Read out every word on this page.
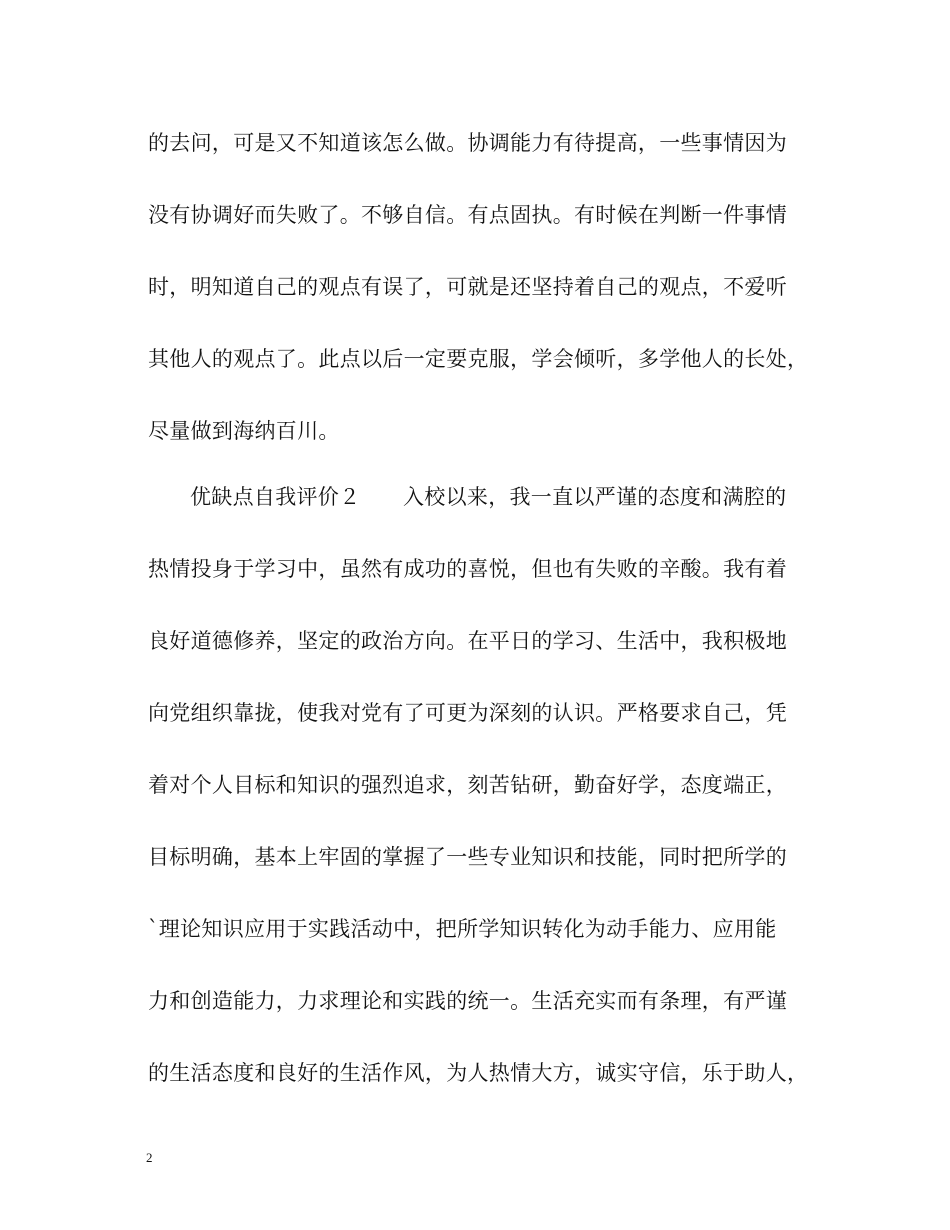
的去问，可是又不知道该怎么做。协调能力有待提高，一些事情因为
没有协调好而失败了。不够自信。有点固执。有时候在判断一件事情
时，明知道自己的观点有误了，可就是还坚持着自己的观点，不爱听
其他人的观点了。此点以后一定要克服，学会倾听，多学他人的长处，
尽量做到海纳百川。
优缺点自我评价２　　入校以来，我一直以严谨的态度和满腔的
热情投身于学习中，虽然有成功的喜悦，但也有失败的辛酸。我有着
良好道德修养，坚定的政治方向。在平日的学习、生活中，我积极地
向党组织靠拢，使我对党有了可更为深刻的认识。严格要求自己，凭
着对个人目标和知识的强烈追求，刻苦钻研，勤奋好学，态度端正，
目标明确，基本上牢固的掌握了一些专业知识和技能，同时把所学的
`理论知识应用于实践活动中，把所学知识转化为动手能力、应用能
力和创造能力，力求理论和实践的统一。生活充实而有条理，有严谨
的生活态度和良好的生活作风，为人热情大方，诚实守信，乐于助人，
2
